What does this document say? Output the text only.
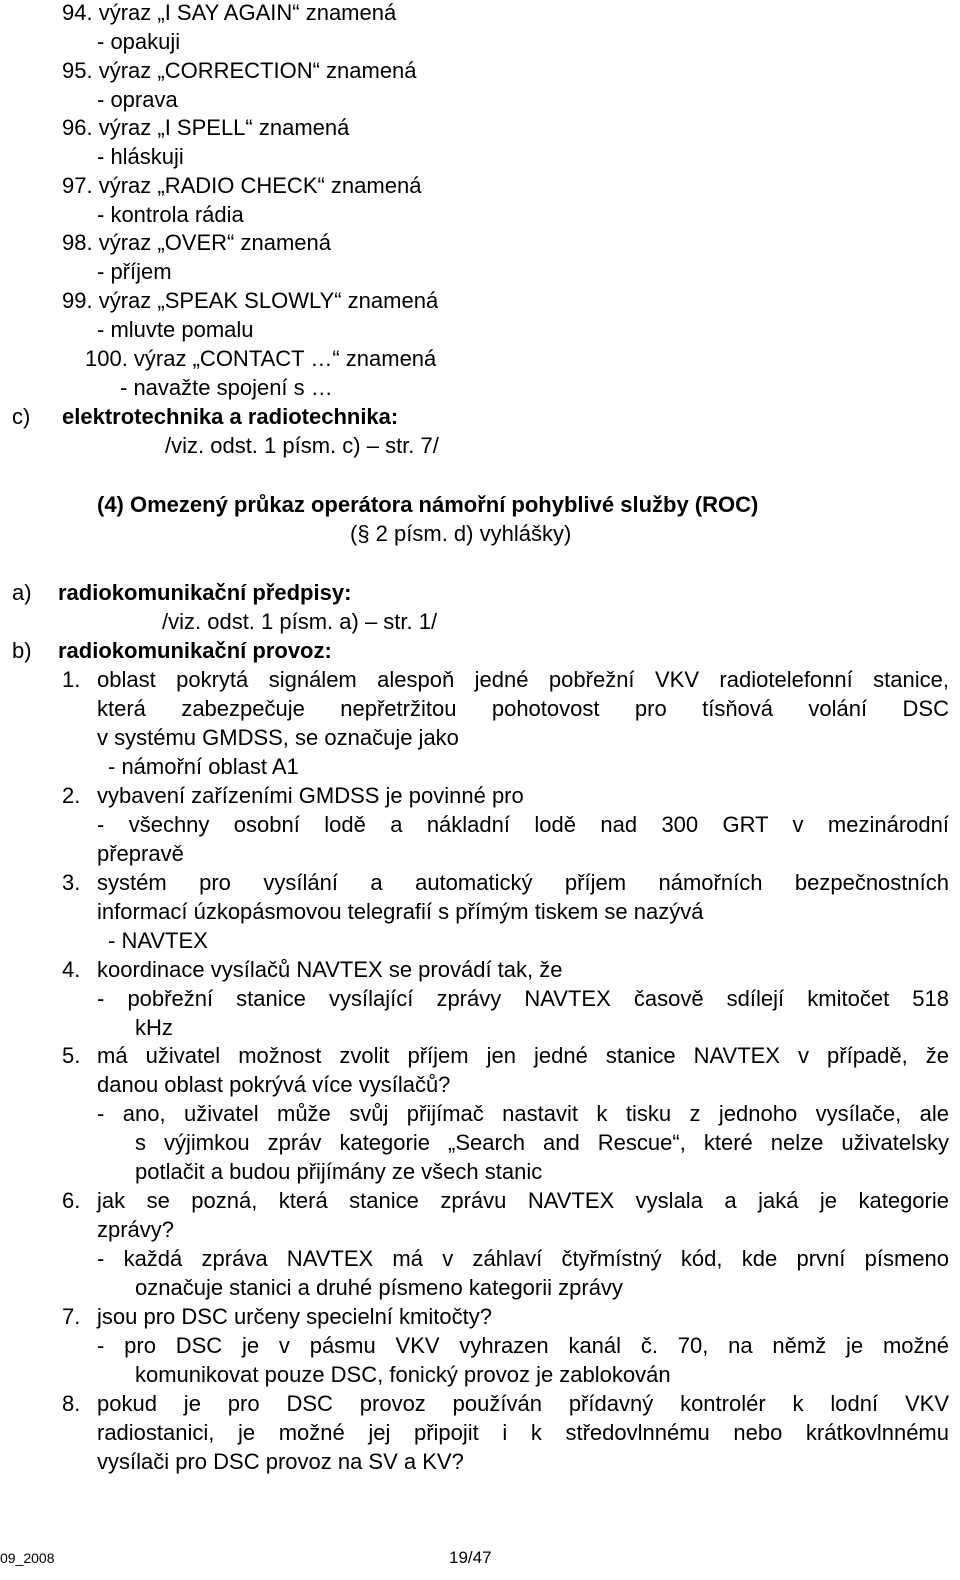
94. výraz „I SAY AGAIN“ znamená
- opakuji
95. výraz „CORRECTION“ znamená
- oprava
96. výraz „I SPELL“ znamená
- hláskuji
97. výraz „RADIO CHECK“ znamená
- kontrola rádia
98. výraz „OVER“ znamená
- příjem
99. výraz „SPEAK SLOWLY“ znamená
- mluvte pomalu
100. výraz „CONTACT …“ znamená
- navažte spojení s …
c) elektrotechnika a radiotechnika:
/viz. odst. 1 písm. c) – str. 7/
(4) Omezený průkaz operátora námořní pohyblivé služby (ROC)
(§ 2 písm. d) vyhlášky)
a) radiokomunikační předpisy:
/viz. odst. 1 písm. a) – str. 1/
b) radiokomunikační provoz:
1. oblast pokrytá signálem alespoň jedné pobřežní VKV radiotelefonní stanice,
která zabezpečuje nepřetržitou pohotovost pro tísňová volání DSC
v systému GMDSS, se označuje jako
- námořní oblast A1
2. vybavení zařízeními GMDSS je povinné pro
- všechny osobní lodě a nákladní lodě nad 300 GRT v mezinárodní
přepravě
3. systém pro vysílání a automatický příjem námořních bezpečnostních
informací úzkopásmovou telegrafií s přímým tiskem se nazývá
- NAVTEX
4. koordinace vysílačů NAVTEX se provádí tak, že
- pobřežní stanice vysílající zprávy NAVTEX časově sdílejí kmitočet 518
kHz
5. má uživatel možnost zvolit příjem jen jedné stanice NAVTEX v případě, že
danou oblast pokrývá více vysílačů?
- ano, uživatel může svůj přijímač nastavit k tisku z jednoho vysílače, ale
s výjimkou zpráv kategorie „Search and Rescue“, které nelze uživatelsky
potlačit a budou přijímány ze všech stanic
6. jak se pozná, která stanice zprávu NAVTEX vyslala a jaká je kategorie
zprávy?
- každá zpráva NAVTEX má v záhlaví čtyřmístný kód, kde první písmeno
označuje stanici a druhé písmeno kategorii zprávy
7. jsou pro DSC určeny specielní kmitočty?
- pro DSC je v pásmu VKV vyhrazen kanál č. 70, na němž je možné
komunikovat pouze DSC, fonický provoz je zablokován
8. pokud je pro DSC provoz používán přídavný kontrolér k lodní VKV
radiostanici, je možné jej připojit i k středovlnnému nebo krátkovlnnému
vysílači pro DSC provoz na SV a KV?
09_2008	19/47
